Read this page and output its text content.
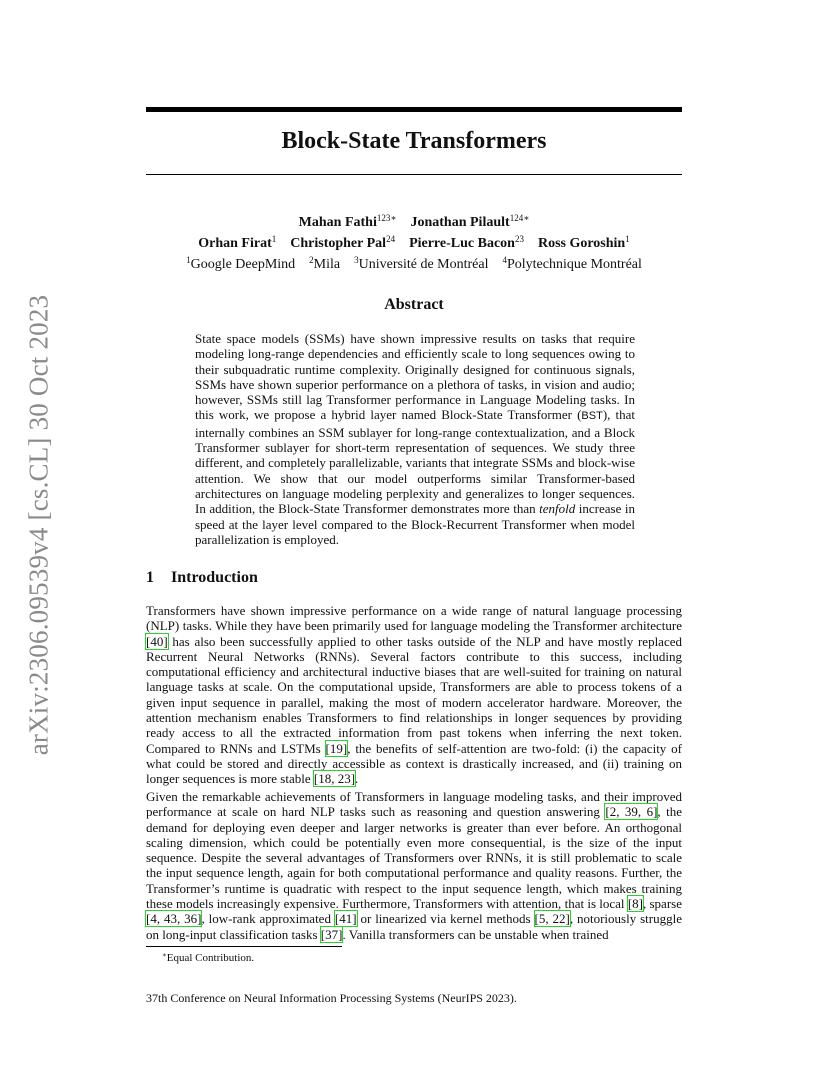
arXiv:2306.09539v4 [cs.CL] 30 Oct 2023
Block-State Transformers
Mahan Fathi$^{123∗}$ Jonathan Pilault$^{124∗}$
Orhan Firat$^1$ Christopher Pal$^{24}$ Pierre-Luc Bacon$^{23}$ Ross Goroshin$^1$
$^1$Google DeepMind $^2$Mila $^3$Université de Montréal $^4$Polytechnique Montréal
Abstract
State space models (SSMs) have shown impressive results on tasks that require modeling long-range dependencies and efficiently scale to long sequences owing to their subquadratic runtime complexity. Originally designed for continuous signals, SSMs have shown superior performance on a plethora of tasks, in vision and audio; however, SSMs still lag Transformer performance in Language Modeling tasks. In this work, we propose a hybrid layer named Block-State Transformer (BST), that internally combines an SSM sublayer for long-range contextualization, and a Block Transformer sublayer for short-term representation of sequences. We study three different, and completely parallelizable, variants that integrate SSMs and block-wise attention. We show that our model outperforms similar Transformer-based architectures on language modeling perplexity and generalizes to longer sequences. In addition, the Block-State Transformer demonstrates more than tenfold increase in speed at the layer level compared to the Block-Recurrent Transformer when model parallelization is employed.
1 Introduction
Transformers have shown impressive performance on a wide range of natural language processing (NLP) tasks. While they have been primarily used for language modeling the Transformer architecture [40] has also been successfully applied to other tasks outside of the NLP and have mostly replaced Recurrent Neural Networks (RNNs). Several factors contribute to this success, including computational efficiency and architectural inductive biases that are well-suited for training on natural language tasks at scale. On the computational upside, Transformers are able to process tokens of a given input sequence in parallel, making the most of modern accelerator hardware. Moreover, the attention mechanism enables Transformers to find relationships in longer sequences by providing ready access to all the extracted information from past tokens when inferring the next token. Compared to RNNs and LSTMs [19], the benefits of self-attention are two-fold: (i) the capacity of what could be stored and directly accessible as context is drastically increased, and (ii) training on longer sequences is more stable [18, 23].
Given the remarkable achievements of Transformers in language modeling tasks, and their improved performance at scale on hard NLP tasks such as reasoning and question answering [2, 39, 6], the demand for deploying even deeper and larger networks is greater than ever before. An orthogonal scaling dimension, which could be potentially even more consequential, is the size of the input sequence. Despite the several advantages of Transformers over RNNs, it is still problematic to scale the input sequence length, again for both computational performance and quality reasons. Further, the Transformer’s runtime is quadratic with respect to the input sequence length, which makes training these models increasingly expensive. Furthermore, Transformers with attention, that is local [8], sparse [4, 43, 36], low-rank approximated [41] or linearized via kernel methods [5, 22], notoriously struggle on long-input classification tasks [37]. Vanilla transformers can be unstable when trained
∗Equal Contribution.
37th Conference on Neural Information Processing Systems (NeurIPS 2023).
